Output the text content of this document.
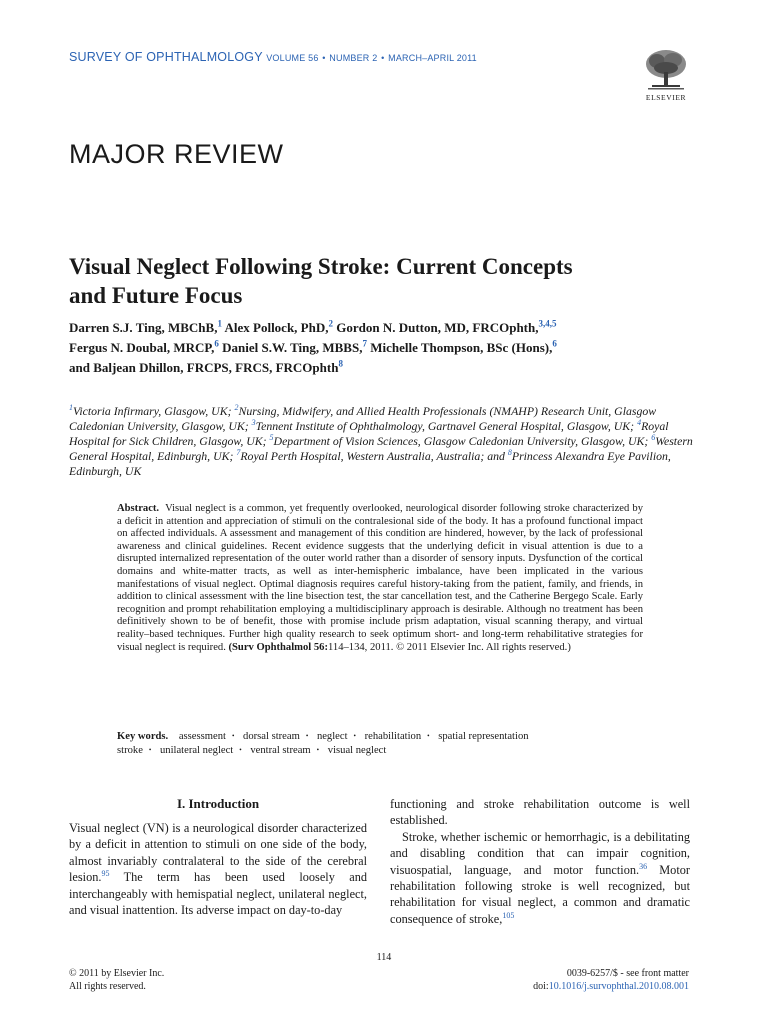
SURVEY OF OPHTHALMOLOGY VOLUME 56 • NUMBER 2 • MARCH–APRIL 2011
ELSEVIER
MAJOR REVIEW
Visual Neglect Following Stroke: Current Concepts
and Future Focus
Darren S.J. Ting, MBChB,$^1$ Alex Pollock, PhD,$^2$ Gordon N. Dutton, MD, FRCOphth,$^{3,4,5}$
Fergus N. Doubal, MRCP,$^6$ Daniel S.W. Ting, MBBS,$^7$ Michelle Thompson, BSc (Hons),$^6$
and Baljean Dhillon, FRCPS, FRCS, FRCOphth$^8$
$^1$Victoria Infirmary, Glasgow, UK; $^2$Nursing, Midwifery, and Allied Health Professionals (NMAHP) Research Unit, Glasgow Caledonian University, Glasgow, UK; $^3$Tennent Institute of Ophthalmology, Gartnavel General Hospital, Glasgow, UK; $^4$Royal Hospital for Sick Children, Glasgow, UK; $^5$Department of Vision Sciences, Glasgow Caledonian University, Glasgow, UK; $^6$Western General Hospital, Edinburgh, UK; $^7$Royal Perth Hospital, Western Australia, Australia; and $^8$Princess Alexandra Eye Pavilion, Edinburgh, UK
Abstract. Visual neglect is a common, yet frequently overlooked, neurological disorder following stroke characterized by a deficit in attention and appreciation of stimuli on the contralesional side of the body. It has a profound functional impact on affected individuals. A assessment and management of this condition are hindered, however, by the lack of professional awareness and clinical guidelines. Recent evidence suggests that the underlying deficit in visual attention is due to a disrupted internalized representation of the outer world rather than a disorder of sensory inputs. Dysfunction of the cortical domains and white-matter tracts, as well as inter-hemispheric imbalance, have been implicated in the various manifestations of visual neglect. Optimal diagnosis requires careful history-taking from the patient, family, and friends, in addition to clinical assessment with the line bisection test, the star cancellation test, and the Catherine Bergego Scale. Early recognition and prompt rehabilitation employing a multidisciplinary approach is desirable. Although no treatment has been definitively shown to be of benefit, those with promise include prism adaptation, visual scanning therapy, and virtual reality–based techniques. Further high quality research to seek optimum short- and long-term rehabilitative strategies for visual neglect is required. (Surv Ophthalmol 56:114–134, 2011. © 2011 Elsevier Inc. All rights reserved.)
Key words. assessment • dorsal stream • neglect • rehabilitation • spatial representation
stroke • unilateral neglect • ventral stream • visual neglect
I. Introduction

Visual neglect (VN) is a neurological disorder characterized by a deficit in attention to stimuli on one side of the body, almost invariably contralateral to the side of the cerebral lesion.$^{95}$ The term has been used loosely and interchangeably with hemispatial neglect, unilateral neglect, and visual inattention. Its adverse impact on day-to-day

functioning and stroke rehabilitation outcome is well established.

Stroke, whether ischemic or hemorrhagic, is a debilitating and disabling condition that can impair cognition, visuospatial, language, and motor function.$^{36}$ Motor rehabilitation following stroke is well recognized, but rehabilitation for visual neglect, a common and dramatic consequence of stroke,$^{105}$

114
© 2011 by Elsevier Inc.
All rights reserved.
0039-6257/$ - see front matter
doi:10.1016/j.survophthal.2010.08.001
